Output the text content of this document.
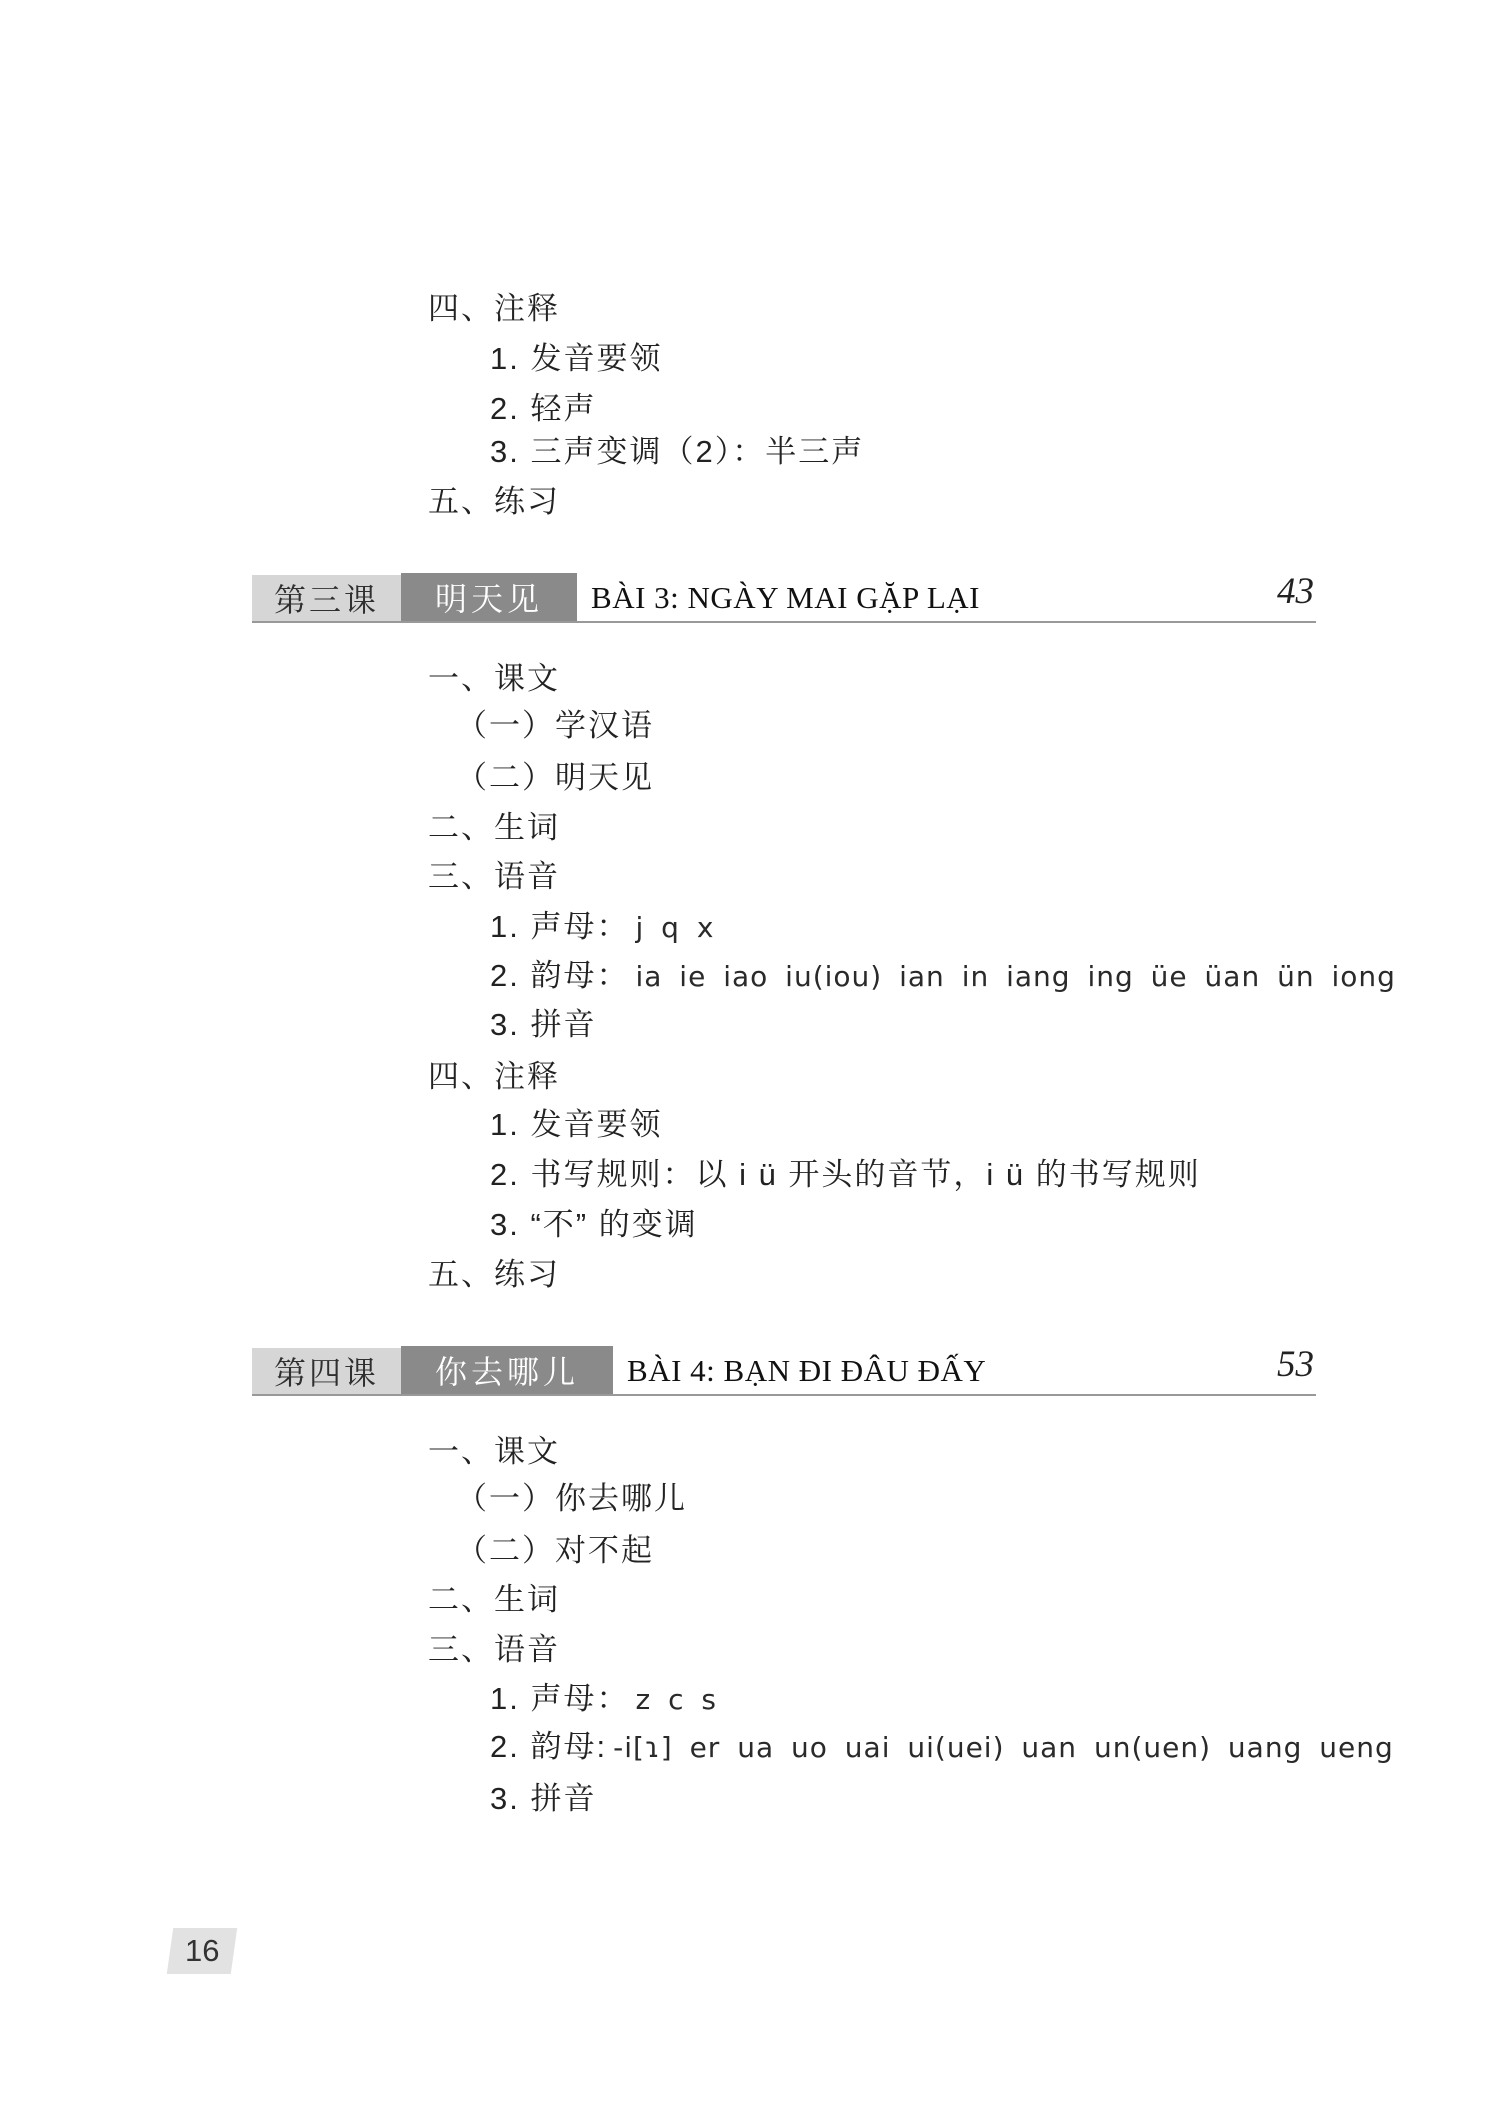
四、注释
1. 发音要领
2. 轻声
3. 三声变调（2）：半三声
五、练习
第三课 明天见 BÀI 3: NGÀY MAI GẶP LẠI	43
一、课文
（一）学汉语
（二）明天见
二、生词
三、语音
1. 声母： j q x
2. 韵母： ia ie iao iu(iou) ian in iang ing üe üan ün iong
3. 拼音
四、注释
1. 发音要领
2. 书写规则：以 i ü 开头的音节，i ü 的书写规则
3. “不” 的变调
五、练习
第四课 你去哪儿 BÀI 4: BẠN ĐI ĐÂU ĐẤY	53
一、课文
（一）你去哪儿
（二）对不起
二、生词
三、语音
1. 声母： z c s
2. 韵母: -i[ɿ] er ua uo uai ui(uei) uan un(uen) uang ueng
3. 拼音
16
